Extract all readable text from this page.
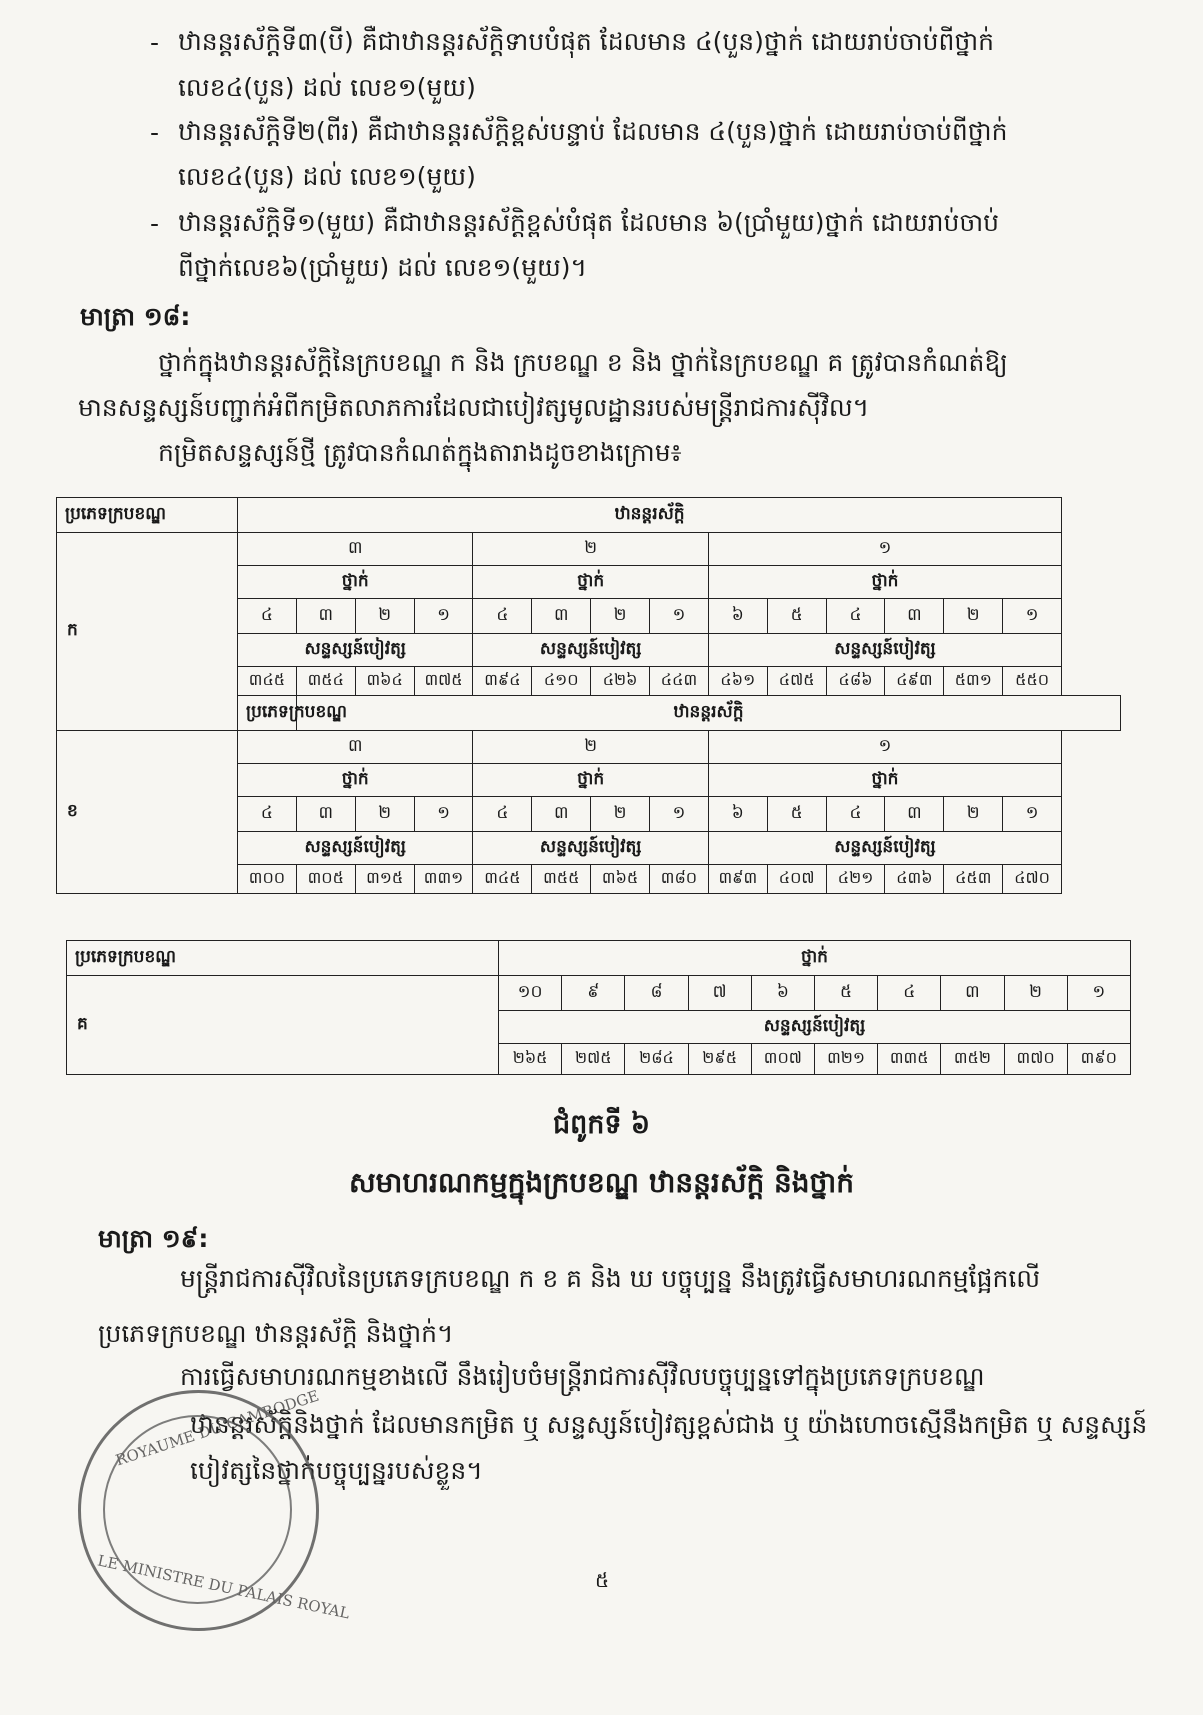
- ឋានន្តរស័ក្តិទី៣(បី) គឺជាឋានន្តរស័ក្តិទាបបំផុត ដែលមាន ៤(បួន)ថ្នាក់ ដោយរាប់ចាប់ពីថ្នាក់
លេខ៤(បួន) ដល់ លេខ១(មួយ)
- ឋានន្តរស័ក្តិទី២(ពីរ) គឺជាឋានន្តរស័ក្តិខ្ពស់បន្ទាប់ ដែលមាន ៤(បួន)ថ្នាក់ ដោយរាប់ចាប់ពីថ្នាក់
លេខ៤(បួន) ដល់ លេខ១(មួយ)
- ឋានន្តរស័ក្តិទី១(មួយ) គឺជាឋានន្តរស័ក្តិខ្ពស់បំផុត ដែលមាន ៦(ប្រាំមួយ)ថ្នាក់ ដោយរាប់ចាប់
ពីថ្នាក់លេខ៦(ប្រាំមួយ) ដល់ លេខ១(មួយ)។
មាត្រា ១៨:
ថ្នាក់ក្នុងឋានន្តរស័ក្តិនៃក្របខណ្ឌ ក និង ក្របខណ្ឌ ខ និង ថ្នាក់នៃក្របខណ្ឌ គ ត្រូវបានកំណត់ឱ្យ
មានសន្ទស្សន៍បញ្ជាក់អំពីកម្រិតលាភការដែលជាបៀវត្សមូលដ្ឋានរបស់មន្ត្រីរាជការស៊ីវិល។
កម្រិតសន្ទស្សន៍ថ្មី ត្រូវបានកំណត់ក្នុងតារាងដូចខាងក្រោម៖
ប្រភេទក្របខណ្ឌ	ឋានន្តរស័ក្តិ													
ក	៣				២				១					
	ថ្នាក់				ថ្នាក់				ថ្នាក់					
	៤	៣	២	១	៤	៣	២	១	៦	៥	៤	៣	២	១
	សន្ទស្សន៍បៀវត្ស				សន្ទស្សន៍បៀវត្ស				សន្ទស្សន៍បៀវត្ស					
	៣៤៥	៣៥៤	៣៦៤	៣៧៥	៣៩៤	៤១០	៤២៦	៤៤៣	៤៦១	៤៧៥	៤៨៦	៤៩៣	៥៣១	៥៥០
	ប្រភេទក្របខណ្ឌ	ឋានន្តរស័ក្តិ												
ខ	៣				២				១					
	ថ្នាក់				ថ្នាក់				ថ្នាក់					
	៤	៣	២	១	៤	៣	២	១	៦	៥	៤	៣	២	១
	សន្ទស្សន៍បៀវត្ស				សន្ទស្សន៍បៀវត្ស				សន្ទស្សន៍បៀវត្ស					
	៣០០	៣០៥	៣១៥	៣៣១	៣៤៥	៣៥៥	៣៦៥	៣៨០	៣៩៣	៤០៧	៤២១	៤៣៦	៤៥៣	៤៧០
ប្រភេទក្របខណ្ឌ	ថ្នាក់									
គ	១០	៩	៨	៧	៦	៥	៤	៣	២	១
	សន្ទស្សន៍បៀវត្ស									
	២៦៥	២៧៥	២៨៤	២៩៥	៣០៧	៣២១	៣៣៥	៣៥២	៣៧០	៣៩០
ជំពូកទី ៦
សមាហរណកម្មក្នុងក្របខណ្ឌ ឋានន្តរស័ក្តិ និងថ្នាក់
មាត្រា ១៩:
មន្ត្រីរាជការស៊ីវិលនៃប្រភេទក្របខណ្ឌ ក ខ គ និង ឃ បច្ចុប្បន្ន នឹងត្រូវធ្វើសមាហរណកម្មផ្អែកលើ
ប្រភេទក្របខណ្ឌ ឋានន្តរស័ក្តិ និងថ្នាក់។
ការធ្វើសមាហរណកម្មខាងលើ នឹងរៀបចំមន្ត្រីរាជការស៊ីវិលបច្ចុប្បន្នទៅក្នុងប្រភេទក្របខណ្ឌ
ឋានន្តរស័ក្តិនិងថ្នាក់ ដែលមានកម្រិត ឬ សន្ទស្សន៍បៀវត្សខ្ពស់ជាង ឬ យ៉ាងហោចស្មើនឹងកម្រិត ឬ សន្ទស្សន៍
បៀវត្សនៃថ្នាក់បច្ចុប្បន្នរបស់ខ្លួន។
ROYAUME DU CAMBODGE
LE MINISTRE DU PALAIS ROYAL	៥
